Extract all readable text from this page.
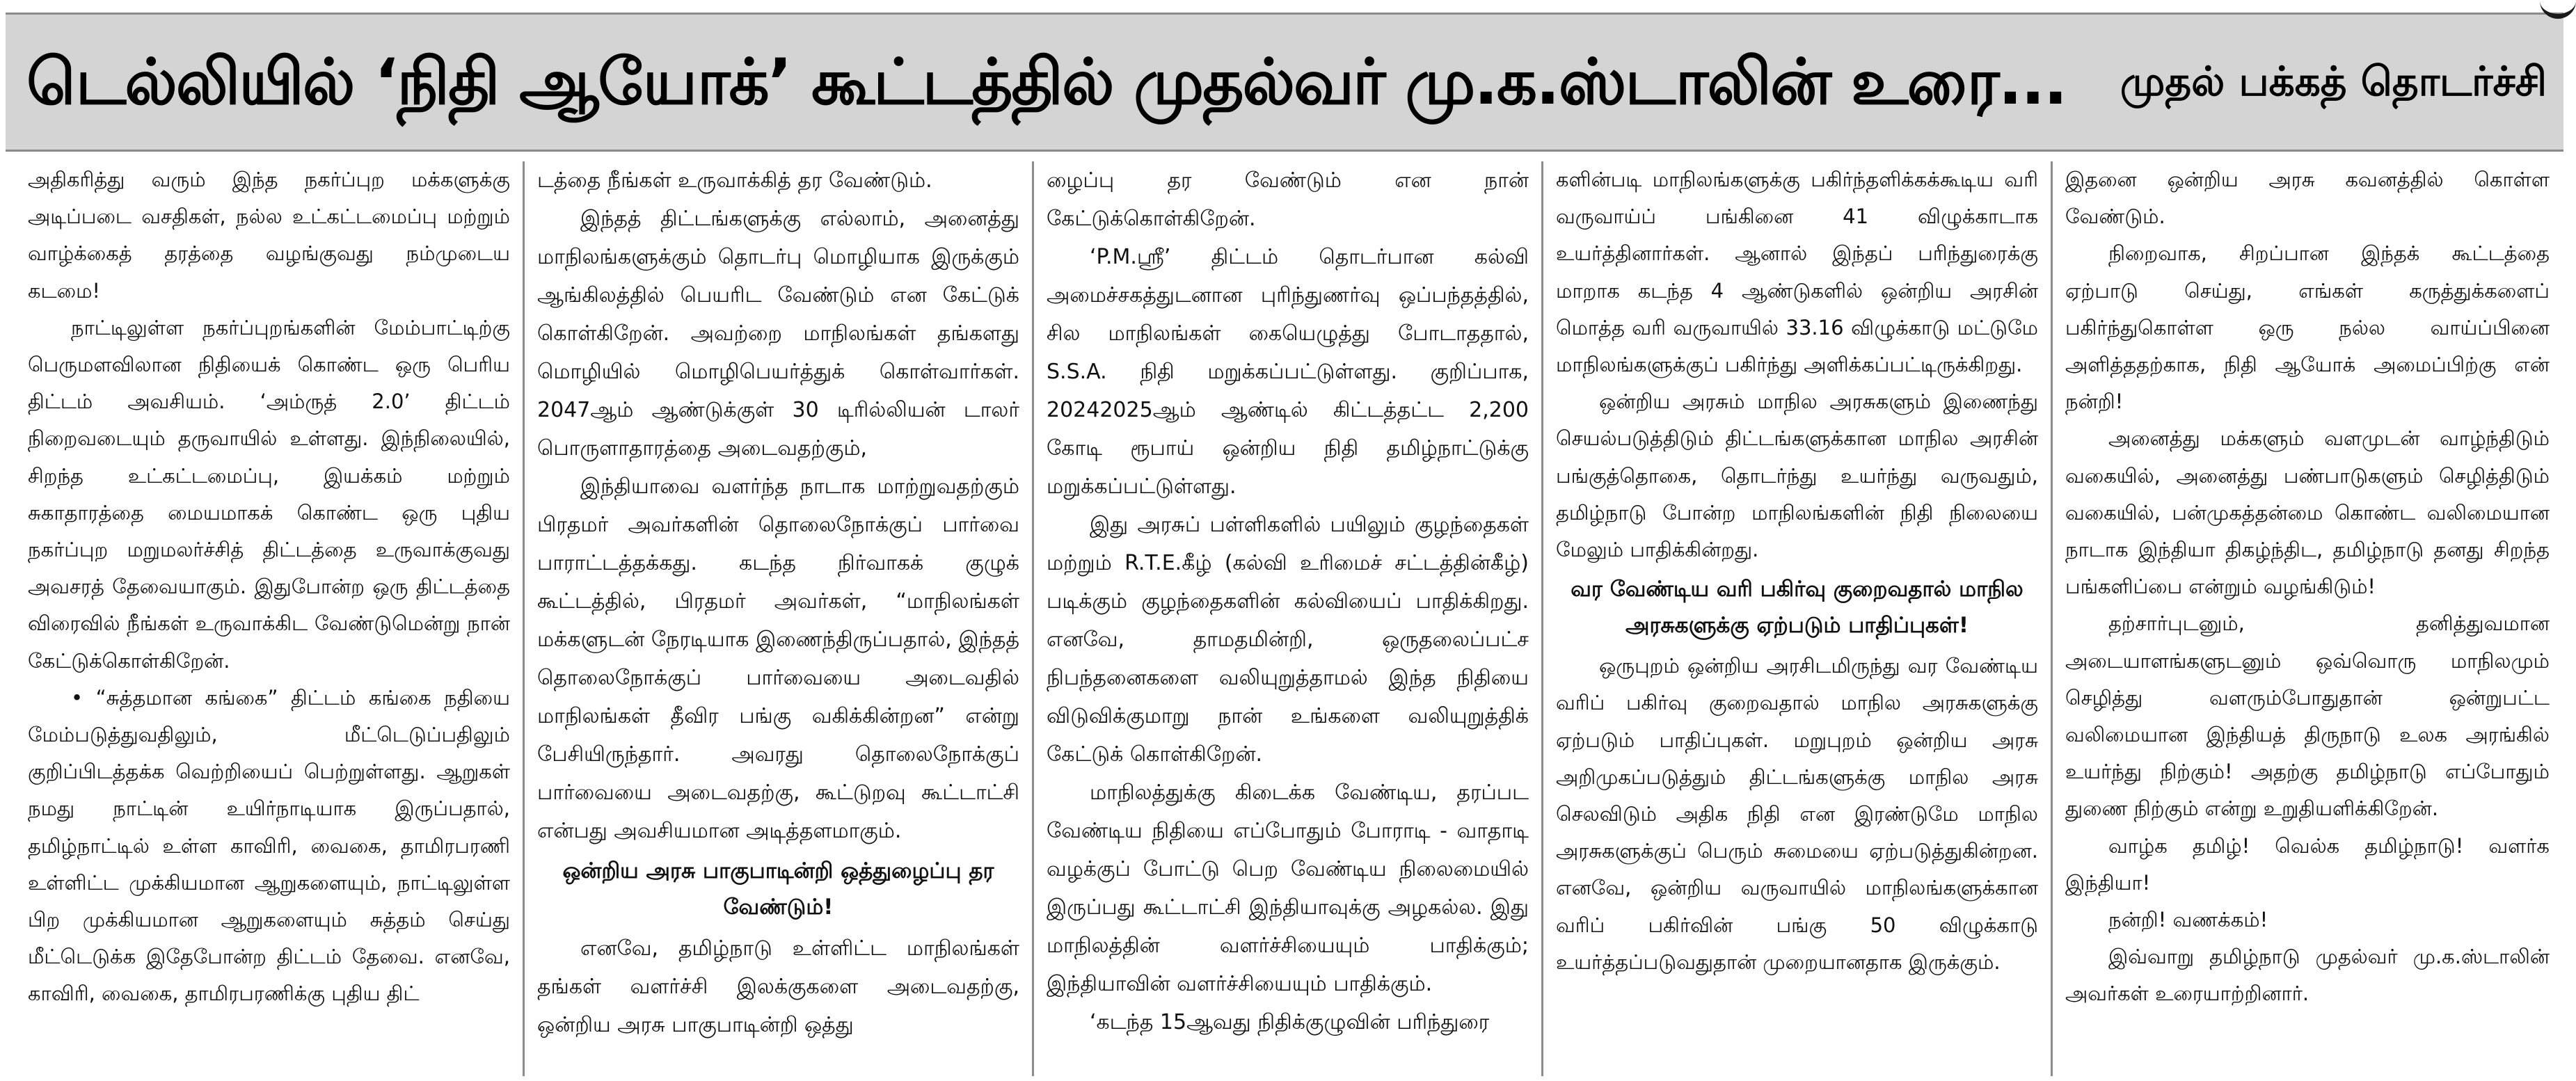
டெல்லியில் ‘நிதி ஆயோக்’ கூட்டத்தில் முதல்வர் மு.க.ஸ்டாலின் உரை... முதல் பக்கத் தொடர்ச்சி

அதிகரித்து வரும் இந்த நகர்ப்புற மக்களுக்கு அடிப்படை வசதிகள், நல்ல உட்கட்டமைப்பு மற்றும் வாழ்க்கைத் தரத்தை வழங்குவது நம்முடைய கடமை!

நாட்டிலுள்ள நகர்ப்புறங்களின் மேம்பாட்டிற்கு பெருமளவிலான நிதியைக் கொண்ட ஒரு பெரிய திட்டம் அவசியம். ‘அம்ருத் 2.0’ திட்டம் நிறைவடையும் தருவாயில் உள்ளது. இந்நிலையில், சிறந்த உட்கட்டமைப்பு, இயக்கம் மற்றும் சுகாதாரத்தை மையமாகக் கொண்ட ஒரு புதிய நகர்ப்புற மறுமலர்ச்சித் திட்டத்தை உருவாக்குவது அவசரத் தேவையாகும். இதுபோன்ற ஒரு திட்டத்தை விரைவில் நீங்கள் உருவாக்கிட வேண்டுமென்று நான் கேட்டுக்கொள்கிறேன்.

• “சுத்தமான கங்கை” திட்டம் கங்கை நதியை மேம்படுத்துவதிலும், மீட்டெடுப்பதிலும் குறிப்பிடத்தக்க வெற்றியைப் பெற்றுள்ளது. ஆறுகள் நமது நாட்டின் உயிர்நாடியாக இருப்பதால், தமிழ்நாட்டில் உள்ள காவிரி, வைகை, தாமிரபரணி உள்ளிட்ட முக்கியமான ஆறுகளையும், நாட்டிலுள்ள பிற முக்கியமான ஆறுகளையும் சுத்தம் செய்து மீட்டெடுக்க இதேபோன்ற திட்டம் தேவை. எனவே, காவிரி, வைகை, தாமிரபரணிக்கு புதிய திட்

டத்தை நீங்கள் உருவாக்கித் தர வேண்டும்.

இந்தத் திட்டங்களுக்கு எல்லாம், அனைத்து மாநிலங்களுக்கும் தொடர்பு மொழியாக இருக்கும் ஆங்கிலத்தில் பெயரிட வேண்டும் என கேட்டுக் கொள்கிறேன். அவற்றை மாநிலங்கள் தங்களது மொழியில் மொழிபெயர்த்துக் கொள்வார்கள். 2047ஆம் ஆண்டுக்குள் 30 டிரில்லியன் டாலர் பொருளாதாரத்தை அடைவதற்கும்,

இந்தியாவை வளர்ந்த நாடாக மாற்றுவதற்கும் பிரதமர் அவர்களின் தொலைநோக்குப் பார்வை பாராட்டத்தக்கது. கடந்த நிர்வாகக் குழுக் கூட்டத்தில், பிரதமர் அவர்கள், “மாநிலங்கள் மக்களுடன் நேரடியாக இணைந்திருப்பதால், இந்தத் தொலைநோக்குப் பார்வையை அடைவதில் மாநிலங்கள் தீவிர பங்கு வகிக்கின்றன” என்று பேசியிருந்தார். அவரது தொலைநோக்குப் பார்வையை அடைவதற்கு, கூட்டுறவு கூட்டாட்சி என்பது அவசியமான அடித்தளமாகும்.

ஒன்றிய அரசு பாகுபாடின்றி ஒத்துழைப்பு தர வேண்டும்!

எனவே, தமிழ்நாடு உள்ளிட்ட மாநிலங்கள் தங்கள் வளர்ச்சி இலக்குகளை அடைவதற்கு, ஒன்றிய அரசு பாகுபாடின்றி ஒத்து

ழைப்பு தர வேண்டும் என நான் கேட்டுக்கொள்கிறேன்.

‘P.M.ஸ்ரீ’ திட்டம் தொடர்பான கல்வி அமைச்சகத்துடனான புரிந்துணர்வு ஒப்பந்தத்தில், சில மாநிலங்கள் கையெழுத்து போடாததால், S.S.A. நிதி மறுக்கப்பட்டுள்ளது. குறிப்பாக, 20242025ஆம் ஆண்டில் கிட்டத்தட்ட 2,200 கோடி ரூபாய் ஒன்றிய நிதி தமிழ்நாட்டுக்கு மறுக்கப்பட்டுள்ளது.

இது அரசுப் பள்ளிகளில் பயிலும் குழந்தைகள் மற்றும் R.T.E.கீழ் (கல்வி உரிமைச் சட்டத்தின்கீழ்) படிக்கும் குழந்தைகளின் கல்வியைப் பாதிக்கிறது. எனவே, தாமதமின்றி, ஒருதலைப்பட்ச நிபந்தனைகளை வலியுறுத்தாமல் இந்த நிதியை விடுவிக்குமாறு நான் உங்களை வலியுறுத்திக் கேட்டுக் கொள்கிறேன்.

மாநிலத்துக்கு கிடைக்க வேண்டிய, தரப்பட வேண்டிய நிதியை எப்போதும் போராடி - வாதாடி வழக்குப் போட்டு பெற வேண்டிய நிலைமையில் இருப்பது கூட்டாட்சி இந்தியாவுக்கு அழகல்ல. இது மாநிலத்தின் வளர்ச்சியையும் பாதிக்கும்; இந்தியாவின் வளர்ச்சியையும் பாதிக்கும்.

‘கடந்த 15ஆவது நிதிக்குழுவின் பரிந்துரை

களின்படி மாநிலங்களுக்கு பகிர்ந்தளிக்கக்கூடிய வரி வருவாய்ப் பங்கினை 41 விழுக்காடாக உயர்த்தினார்கள். ஆனால் இந்தப் பரிந்துரைக்கு மாறாக கடந்த 4 ஆண்டுகளில் ஒன்றிய அரசின் மொத்த வரி வருவாயில் 33.16 விழுக்காடு மட்டுமே மாநிலங்களுக்குப் பகிர்ந்து அளிக்கப்பட்டிருக்கிறது.

ஒன்றிய அரசும் மாநில அரசுகளும் இணைந்து செயல்படுத்திடும் திட்டங்களுக்கான மாநில அரசின் பங்குத்தொகை, தொடர்ந்து உயர்ந்து வருவதும், தமிழ்நாடு போன்ற மாநிலங்களின் நிதி நிலையை மேலும் பாதிக்கின்றது.

வர வேண்டிய வரி பகிர்வு குறைவதால் மாநில அரசுகளுக்கு ஏற்படும் பாதிப்புகள்!

ஒருபுறம் ஒன்றிய அரசிடமிருந்து வர வேண்டிய வரிப் பகிர்வு குறைவதால் மாநில அரசுகளுக்கு ஏற்படும் பாதிப்புகள். மறுபுறம் ஒன்றிய அரசு அறிமுகப்படுத்தும் திட்டங்களுக்கு மாநில அரசு செலவிடும் அதிக நிதி என இரண்டுமே மாநில அரசுகளுக்குப் பெரும் சுமையை ஏற்படுத்துகின்றன. எனவே, ஒன்றிய வருவாயில் மாநிலங்களுக்கான வரிப் பகிர்வின் பங்கு 50 விழுக்காடு உயர்த்தப்படுவதுதான் முறையானதாக இருக்கும்.

இதனை ஒன்றிய அரசு கவனத்தில் கொள்ள வேண்டும்.

நிறைவாக, சிறப்பான இந்தக் கூட்டத்தை ஏற்பாடு செய்து, எங்கள் கருத்துக்களைப் பகிர்ந்துகொள்ள ஒரு நல்ல வாய்ப்பினை அளித்ததற்காக, நிதி ஆயோக் அமைப்பிற்கு என் நன்றி!

அனைத்து மக்களும் வளமுடன் வாழ்ந்திடும் வகையில், அனைத்து பண்பாடுகளும் செழித்திடும் வகையில், பன்முகத்தன்மை கொண்ட வலிமையான நாடாக இந்தியா திகழ்ந்திட, தமிழ்நாடு தனது சிறந்த பங்களிப்பை என்றும் வழங்கிடும்!

தற்சார்புடனும், தனித்துவமான அடையாளங்களுடனும் ஒவ்வொரு மாநிலமும் செழித்து வளரும்போதுதான் ஒன்றுபட்ட வலிமையான இந்தியத் திருநாடு உலக அரங்கில் உயர்ந்து நிற்கும்! அதற்கு தமிழ்நாடு எப்போதும் துணை நிற்கும் என்று உறுதியளிக்கிறேன்.

வாழ்க தமிழ்! வெல்க தமிழ்நாடு! வளர்க இந்தியா!

நன்றி! வணக்கம்!

இவ்வாறு தமிழ்நாடு முதல்வர் மு.க.ஸ்டாலின் அவர்கள் உரையாற்றினார்.
